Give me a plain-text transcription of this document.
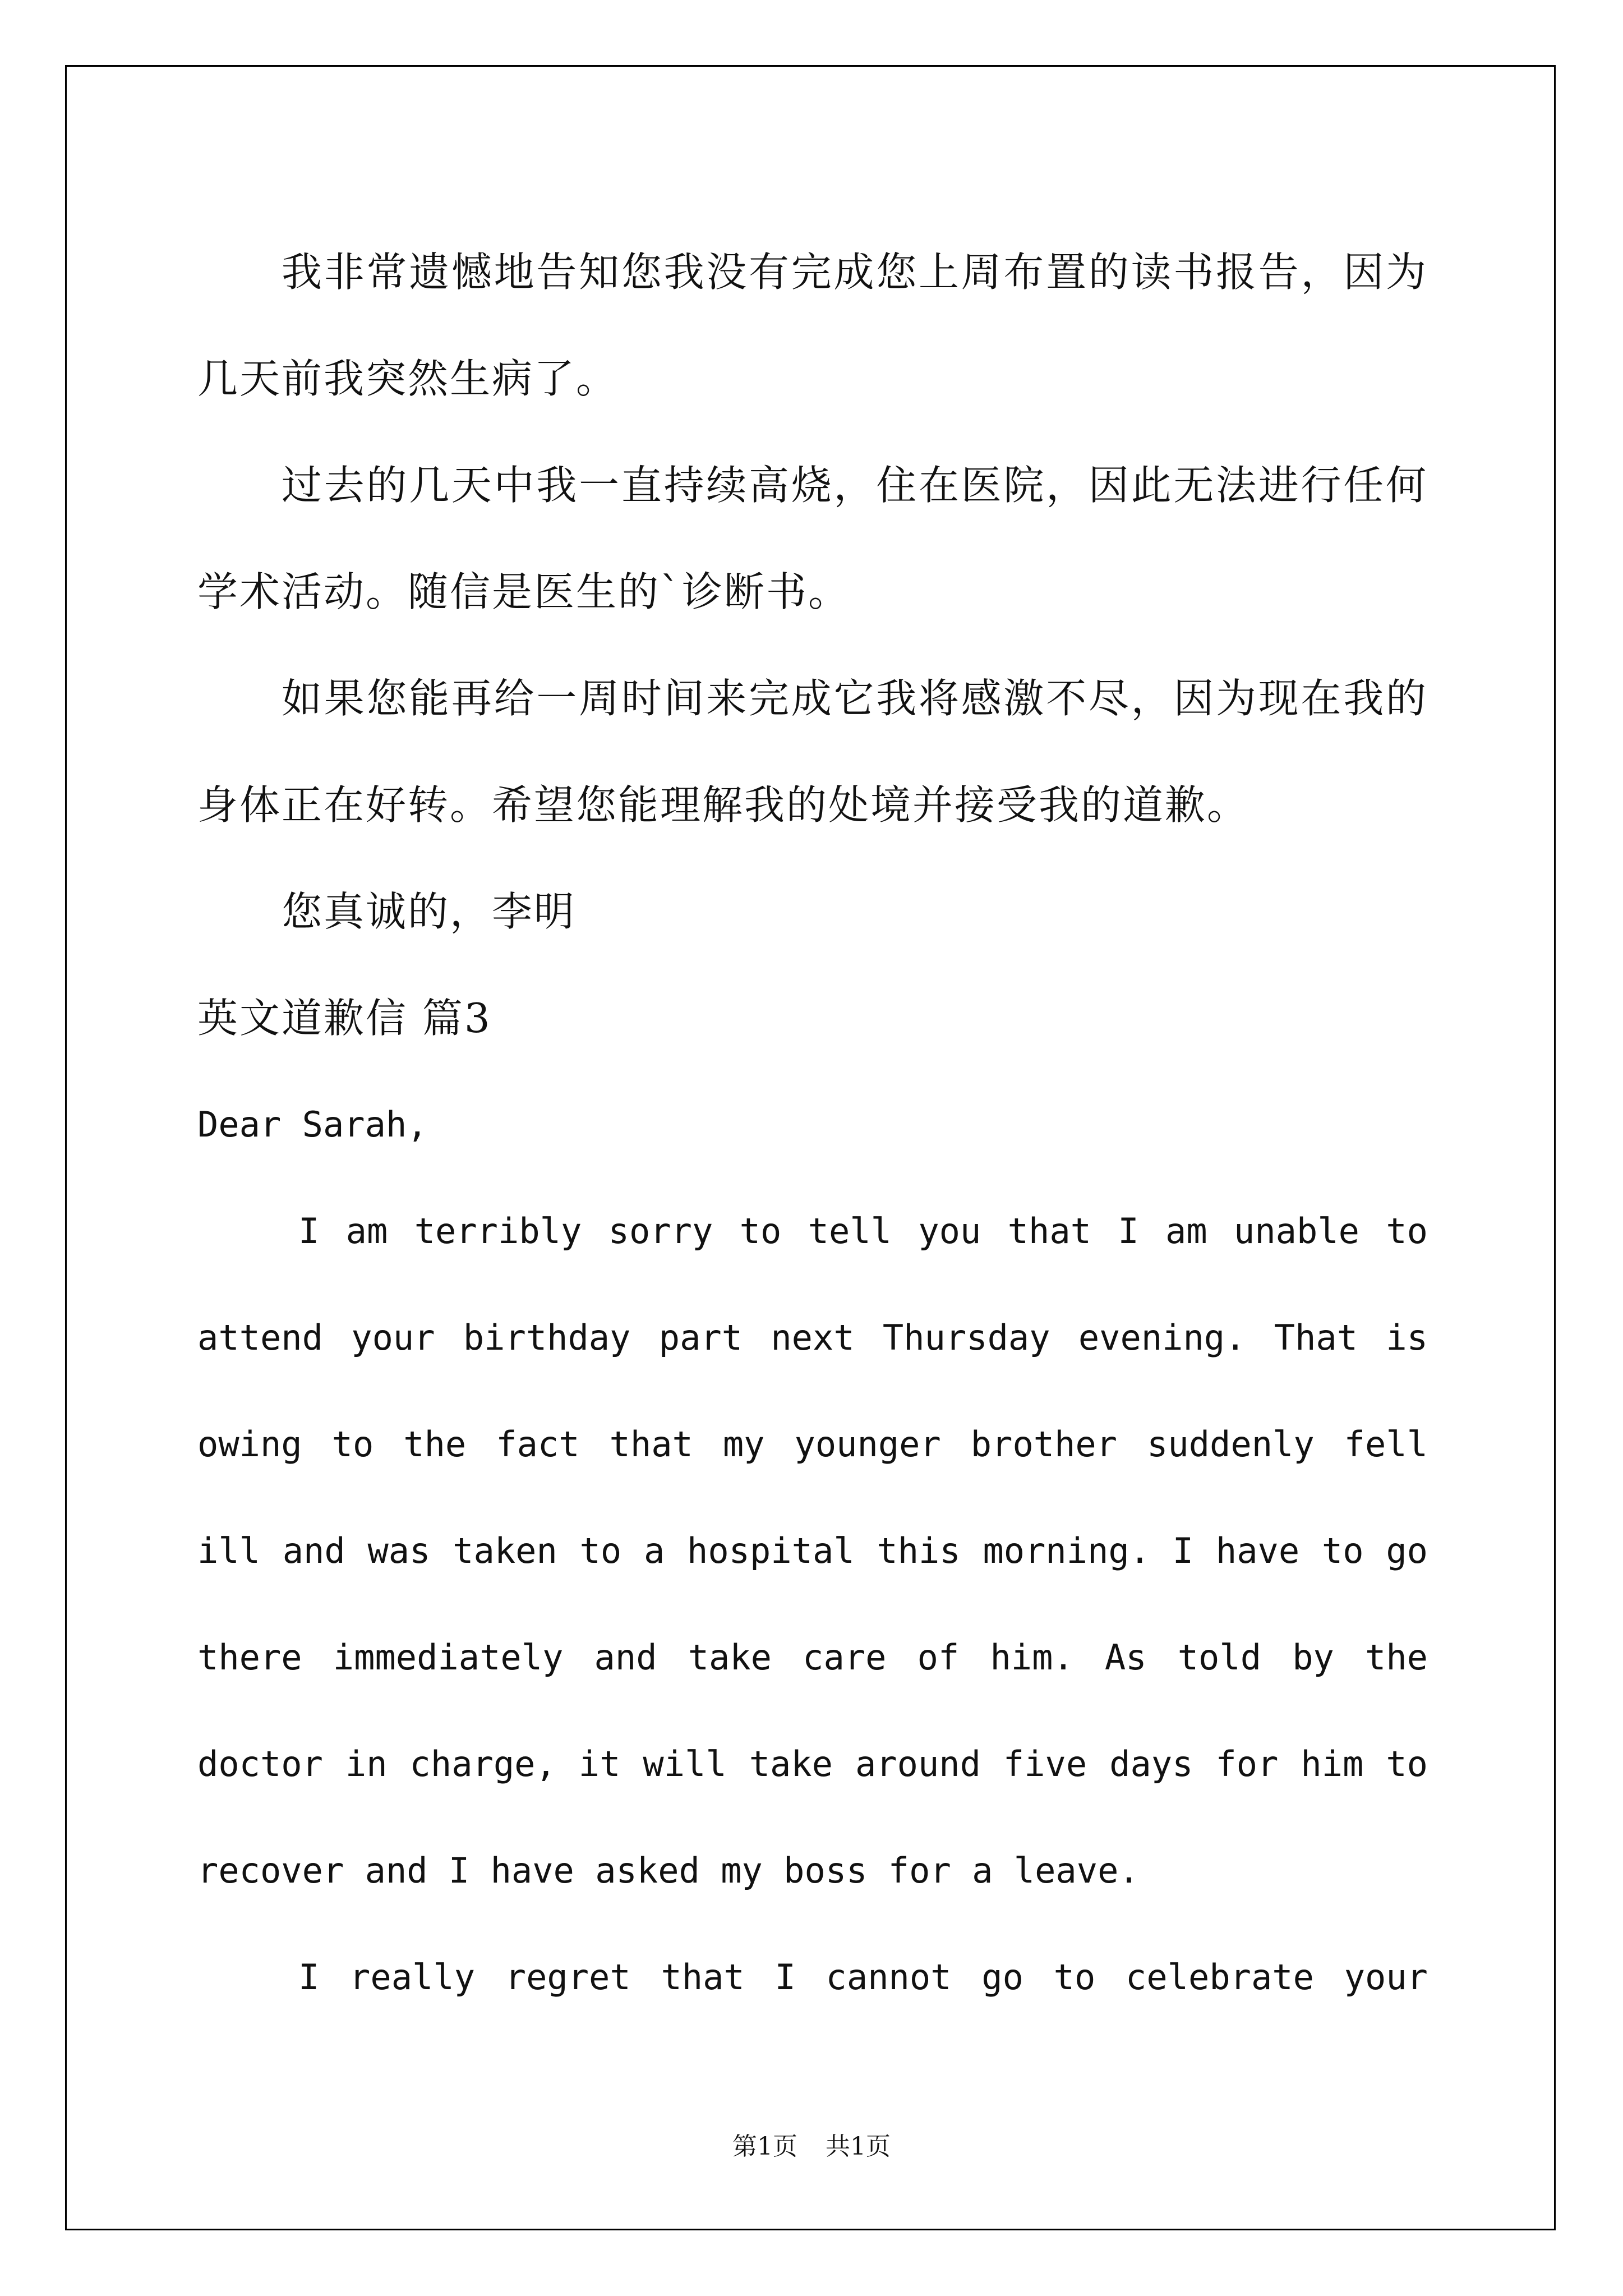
我非常遗憾地告知您我没有完成您上周布置的读书报告，因为几天前我突然生病了。

过去的几天中我一直持续高烧，住在医院，因此无法进行任何学术活动。随信是医生的`诊断书。

如果您能再给一周时间来完成它我将感激不尽，因为现在我的身体正在好转。希望您能理解我的处境并接受我的道歉。

您真诚的，李明

英文道歉信 篇3

Dear Sarah,

I am terribly sorry to tell you that I am unable to attend your birthday part next Thursday evening. That is owing to the fact that my younger brother suddenly fell ill and was taken to a hospital this morning. I have to go there immediately and take care of him. As told by the doctor in charge, it will take around five days for him to recover and I have asked my boss for a leave.

I really regret that I cannot go to celebrate your

第1页 共1页
